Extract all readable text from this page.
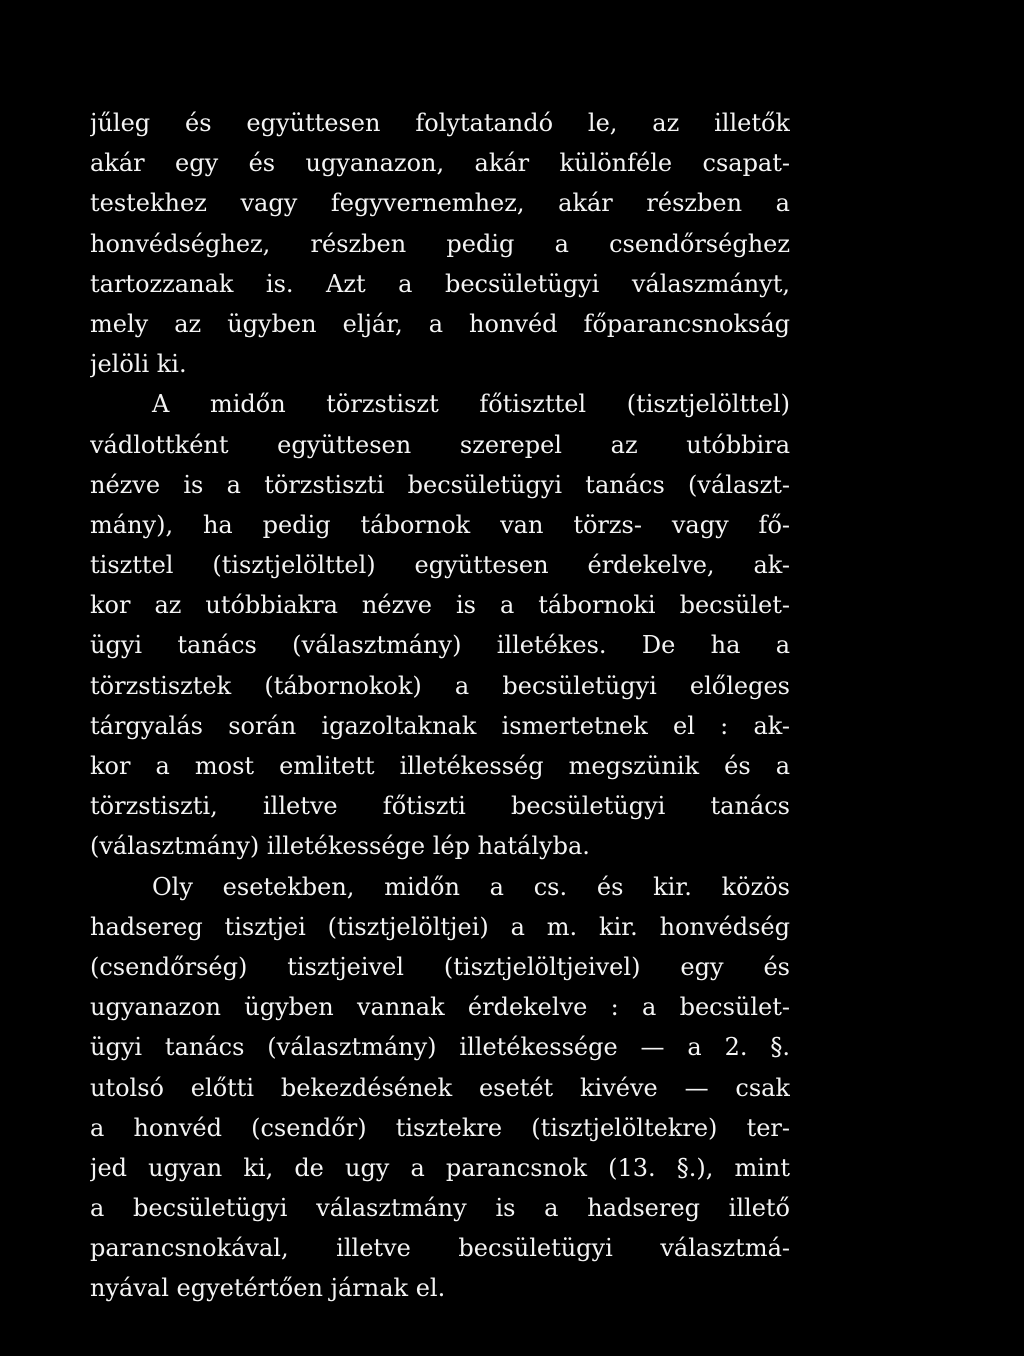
jűleg és együttesen folytatandó le, az illetők
akár egy és ugyanazon, akár különféle csapat-
testekhez vagy fegyvernemhez, akár részben a
honvédséghez, részben pedig a csendőrséghez
tartozzanak is. Azt a becsületügyi válaszmányt,
mely az ügyben eljár, a honvéd főparancsnokság
jelöli ki.
A midőn törzstiszt főtiszttel (tisztjelölttel)
vádlottként együttesen szerepel az utóbbira
nézve is a törzstiszti becsületügyi tanács (választ-
mány), ha pedig tábornok van törzs- vagy fő-
tiszttel (tisztjelölttel) együttesen érdekelve, ak-
kor az utóbbiakra nézve is a tábornoki becsület-
ügyi tanács (választmány) illetékes. De ha a
törzstisztek (tábornokok) a becsületügyi előleges
tárgyalás során igazoltaknak ismertetnek el : ak-
kor a most emlitett illetékesség megszünik és a
törzstiszti, illetve főtiszti becsületügyi tanács
(választmány) illetékessége lép hatályba.
Oly esetekben, midőn a cs. és kir. közös
hadsereg tisztjei (tisztjelöltjei) a m. kir. honvédség
(csendőrség) tisztjeivel (tisztjelöltjeivel) egy és
ugyanazon ügyben vannak érdekelve : a becsület-
ügyi tanács (választmány) illetékessége — a 2. §.
utolsó előtti bekezdésének esetét kivéve — csak
a honvéd (csendőr) tisztekre (tisztjelöltekre) ter-
jed ugyan ki, de ugy a parancsnok (13. §.), mint
a becsületügyi választmány is a hadsereg illető
parancsnokával, illetve becsületügyi választmá-
nyával egyetértően járnak el.
